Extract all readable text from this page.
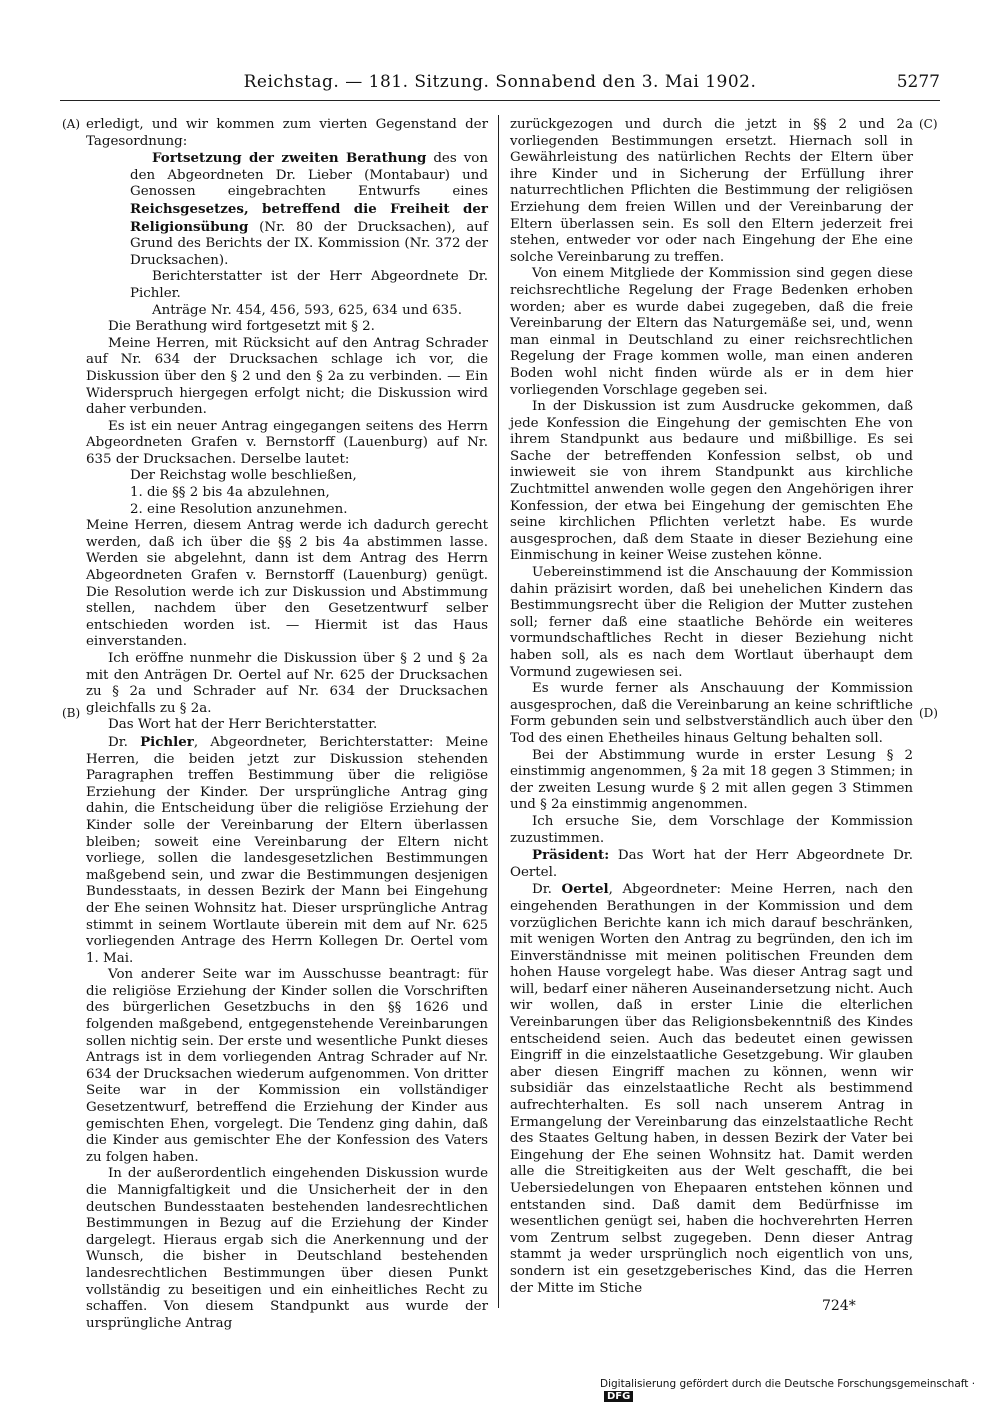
Reichstag. — 181. Sitzung. Sonnabend den 3. Mai 1902.	5277
(A)
(B)
(C)
(D)

erledigt, und wir kommen zum vierten Gegenstand der Tagesordnung:

Fortsetzung der zweiten Berathung des von den Abgeordneten Dr. Lieber (Montabaur) und Genossen eingebrachten Entwurfs eines Reichsgesetzes, betreffend die Freiheit der Religionsübung (Nr. 80 der Drucksachen), auf Grund des Berichts der IX. Kommission (Nr. 372 der Drucksachen).

Berichterstatter ist der Herr Abgeordnete Dr. Pichler.

Anträge Nr. 454, 456, 593, 625, 634 und 635.

Die Berathung wird fortgesetzt mit § 2.

Meine Herren, mit Rücksicht auf den Antrag Schrader auf Nr. 634 der Drucksachen schlage ich vor, die Diskussion über den § 2 und den § 2a zu verbinden. — Ein Widerspruch hiergegen erfolgt nicht; die Diskussion wird daher verbunden.

Es ist ein neuer Antrag eingegangen seitens des Herrn Abgeordneten Grafen v. Bernstorff (Lauenburg) auf Nr. 635 der Drucksachen. Derselbe lautet:

Der Reichstag wolle beschließen,

1. die §§ 2 bis 4a abzulehnen,

2. eine Resolution anzunehmen.

Meine Herren, diesem Antrag werde ich dadurch gerecht werden, daß ich über die §§ 2 bis 4a abstimmen lasse. Werden sie abgelehnt, dann ist dem Antrag des Herrn Abgeordneten Grafen v. Bernstorff (Lauenburg) genügt. Die Resolution werde ich zur Diskussion und Abstimmung stellen, nachdem über den Gesetzentwurf selber entschieden worden ist. — Hiermit ist das Haus einverstanden.

Ich eröffne nunmehr die Diskussion über § 2 und § 2a mit den Anträgen Dr. Oertel auf Nr. 625 der Drucksachen zu § 2a und Schrader auf Nr. 634 der Drucksachen gleichfalls zu § 2a.

Das Wort hat der Herr Berichterstatter.

Dr. Pichler, Abgeordneter, Berichterstatter: Meine Herren, die beiden jetzt zur Diskussion stehenden Paragraphen treffen Bestimmung über die religiöse Erziehung der Kinder. Der ursprüngliche Antrag ging dahin, die Entscheidung über die religiöse Erziehung der Kinder solle der Vereinbarung der Eltern überlassen bleiben; soweit eine Vereinbarung der Eltern nicht vorliege, sollen die landesgesetzlichen Bestimmungen maßgebend sein, und zwar die Bestimmungen desjenigen Bundesstaats, in dessen Bezirk der Mann bei Eingehung der Ehe seinen Wohnsitz hat. Dieser ursprüngliche Antrag stimmt in seinem Wortlaute überein mit dem auf Nr. 625 vorliegenden Antrage des Herrn Kollegen Dr. Oertel vom 1. Mai.

Von anderer Seite war im Ausschusse beantragt: für die religiöse Erziehung der Kinder sollen die Vorschriften des bürgerlichen Gesetzbuchs in den §§ 1626 und folgenden maßgebend, entgegenstehende Vereinbarungen sollen nichtig sein. Der erste und wesentliche Punkt dieses Antrags ist in dem vorliegenden Antrag Schrader auf Nr. 634 der Drucksachen wiederum aufgenommen. Von dritter Seite war in der Kommission ein vollständiger Gesetzentwurf, betreffend die Erziehung der Kinder aus gemischten Ehen, vorgelegt. Die Tendenz ging dahin, daß die Kinder aus gemischter Ehe der Konfession des Vaters zu folgen haben.

In der außerordentlich eingehenden Diskussion wurde die Mannigfaltigkeit und die Unsicherheit der in den deutschen Bundesstaaten bestehenden landesrechtlichen Bestimmungen in Bezug auf die Erziehung der Kinder dargelegt. Hieraus ergab sich die Anerkennung und der Wunsch, die bisher in Deutschland bestehenden landesrechtlichen Bestimmungen über diesen Punkt vollständig zu beseitigen und ein einheitliches Recht zu schaffen. Von diesem Standpunkt aus wurde der ursprüngliche Antrag

zurückgezogen und durch die jetzt in §§ 2 und 2a vorliegenden Bestimmungen ersetzt. Hiernach soll in Gewährleistung des natürlichen Rechts der Eltern über ihre Kinder und in Sicherung der Erfüllung ihrer naturrechtlichen Pflichten die Bestimmung der religiösen Erziehung dem freien Willen und der Vereinbarung der Eltern überlassen sein. Es soll den Eltern jederzeit frei stehen, entweder vor oder nach Eingehung der Ehe eine solche Vereinbarung zu treffen.

Von einem Mitgliede der Kommission sind gegen diese reichsrechtliche Regelung der Frage Bedenken erhoben worden; aber es wurde dabei zugegeben, daß die freie Vereinbarung der Eltern das Naturgemäße sei, und, wenn man einmal in Deutschland zu einer reichsrechtlichen Regelung der Frage kommen wolle, man einen anderen Boden wohl nicht finden würde als er in dem hier vorliegenden Vorschlage gegeben sei.

In der Diskussion ist zum Ausdrucke gekommen, daß jede Konfession die Eingehung der gemischten Ehe von ihrem Standpunkt aus bedaure und mißbillige. Es sei Sache der betreffenden Konfession selbst, ob und inwieweit sie von ihrem Standpunkt aus kirchliche Zuchtmittel anwenden wolle gegen den Angehörigen ihrer Konfession, der etwa bei Eingehung der gemischten Ehe seine kirchlichen Pflichten verletzt habe. Es wurde ausgesprochen, daß dem Staate in dieser Beziehung eine Einmischung in keiner Weise zustehen könne.

Uebereinstimmend ist die Anschauung der Kommission dahin präzisirt worden, daß bei unehelichen Kindern das Bestimmungsrecht über die Religion der Mutter zustehen soll; ferner daß eine staatliche Behörde ein weiteres vormundschaftliches Recht in dieser Beziehung nicht haben soll, als es nach dem Wortlaut überhaupt dem Vormund zugewiesen sei.

Es wurde ferner als Anschauung der Kommission ausgesprochen, daß die Vereinbarung an keine schriftliche Form gebunden sein und selbstverständlich auch über den Tod des einen Ehetheiles hinaus Geltung behalten soll.

Bei der Abstimmung wurde in erster Lesung § 2 einstimmig angenommen, § 2a mit 18 gegen 3 Stimmen; in der zweiten Lesung wurde § 2 mit allen gegen 3 Stimmen und § 2a einstimmig angenommen.

Ich ersuche Sie, dem Vorschlage der Kommission zuzustimmen.

Präsident: Das Wort hat der Herr Abgeordnete Dr. Oertel.

Dr. Oertel, Abgeordneter: Meine Herren, nach den eingehenden Berathungen in der Kommission und dem vorzüglichen Berichte kann ich mich darauf beschränken, mit wenigen Worten den Antrag zu begründen, den ich im Einverständnisse mit meinen politischen Freunden dem hohen Hause vorgelegt habe. Was dieser Antrag sagt und will, bedarf einer näheren Auseinandersetzung nicht. Auch wir wollen, daß in erster Linie die elterlichen Vereinbarungen über das Religionsbekenntniß des Kindes entscheidend seien. Auch das bedeutet einen gewissen Eingriff in die einzelstaatliche Gesetzgebung. Wir glauben aber diesen Eingriff machen zu können, wenn wir subsidiär das einzelstaatliche Recht als bestimmend aufrechterhalten. Es soll nach unserem Antrag in Ermangelung der Vereinbarung das einzelstaatliche Recht des Staates Geltung haben, in dessen Bezirk der Vater bei Eingehung der Ehe seinen Wohnsitz hat. Damit werden alle die Streitigkeiten aus der Welt geschafft, die bei Uebersiedelungen von Ehepaaren entstehen können und entstanden sind. Daß damit dem Bedürfnisse im wesentlichen genügt sei, haben die hochverehrten Herren vom Zentrum selbst zugegeben. Denn dieser Antrag stammt ja weder ursprünglich noch eigentlich von uns, sondern ist ein gesetzgeberisches Kind, das die Herren der Mitte im Stiche

724*
Digitalisierung gefördert durch die Deutsche Forschungsgemeinschaft ·DFG
